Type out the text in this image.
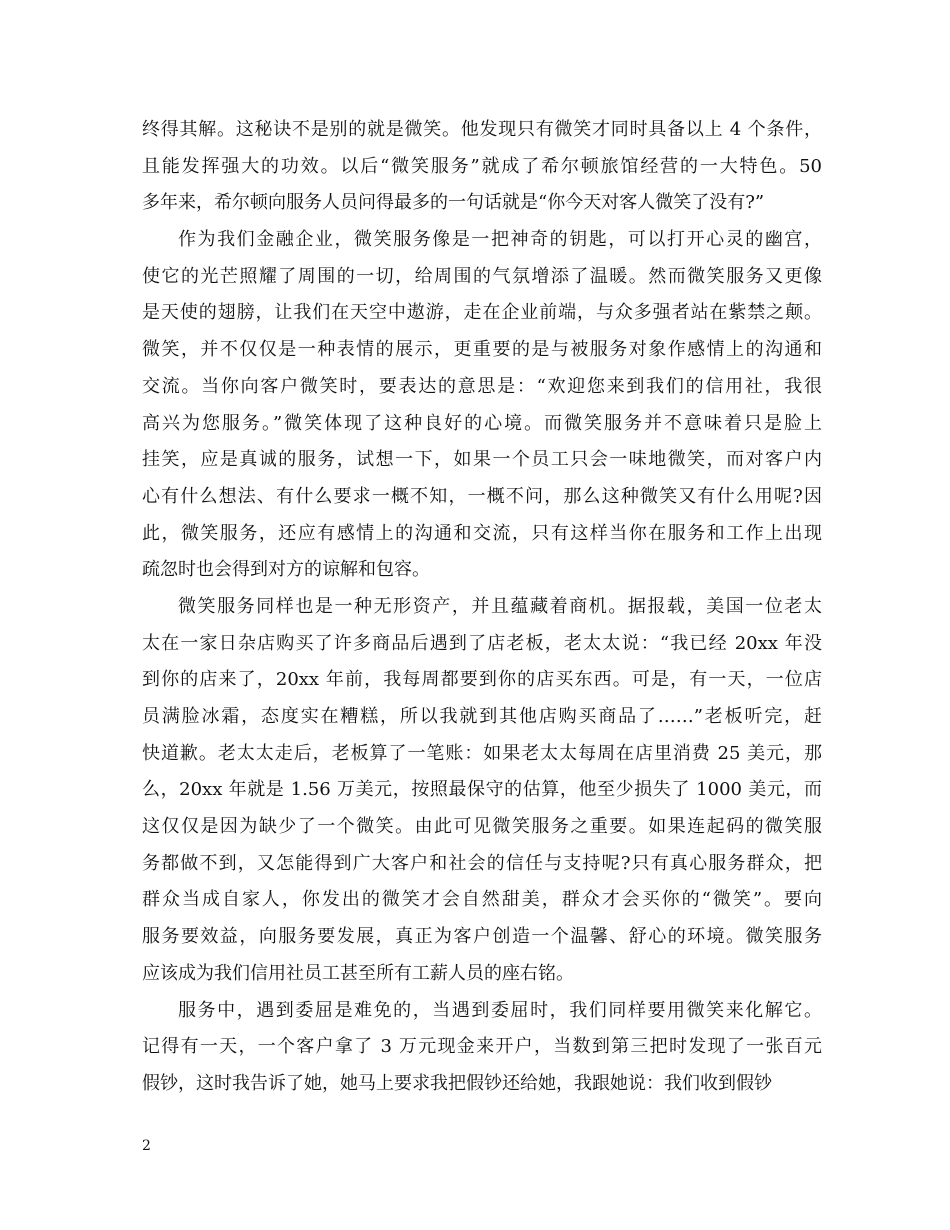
终得其解。这秘诀不是别的就是微笑。他发现只有微笑才同时具备以上 4 个条件，
且能发挥强大的功效。以后“微笑服务”就成了希尔顿旅馆经营的一大特色。50
多年来，希尔顿向服务人员问得最多的一句话就是“你今天对客人微笑了没有?”
作为我们金融企业，微笑服务像是一把神奇的钥匙，可以打开心灵的幽宫，
使它的光芒照耀了周围的一切，给周围的气氛增添了温暖。然而微笑服务又更像
是天使的翅膀，让我们在天空中遨游，走在企业前端，与众多强者站在紫禁之颠。
微笑，并不仅仅是一种表情的展示，更重要的是与被服务对象作感情上的沟通和
交流。当你向客户微笑时，要表达的意思是：“欢迎您来到我们的信用社，我很
高兴为您服务。”微笑体现了这种良好的心境。而微笑服务并不意味着只是脸上
挂笑，应是真诚的服务，试想一下，如果一个员工只会一味地微笑，而对客户内
心有什么想法、有什么要求一概不知，一概不问，那么这种微笑又有什么用呢?因
此，微笑服务，还应有感情上的沟通和交流，只有这样当你在服务和工作上出现
疏忽时也会得到对方的谅解和包容。
微笑服务同样也是一种无形资产，并且蕴藏着商机。据报载，美国一位老太
太在一家日杂店购买了许多商品后遇到了店老板，老太太说：“我已经 20xx 年没
到你的店来了，20xx 年前，我每周都要到你的店买东西。可是，有一天，一位店
员满脸冰霜，态度实在糟糕，所以我就到其他店购买商品了……”老板听完，赶
快道歉。老太太走后，老板算了一笔账：如果老太太每周在店里消费 25 美元，那
么，20xx 年就是 1.56 万美元，按照最保守的估算，他至少损失了 1000 美元，而
这仅仅是因为缺少了一个微笑。由此可见微笑服务之重要。如果连起码的微笑服
务都做不到，又怎能得到广大客户和社会的信任与支持呢?只有真心服务群众，把
群众当成自家人，你发出的微笑才会自然甜美，群众才会买你的“微笑”。要向
服务要效益，向服务要发展，真正为客户创造一个温馨、舒心的环境。微笑服务
应该成为我们信用社员工甚至所有工薪人员的座右铭。
服务中，遇到委屈是难免的，当遇到委屈时，我们同样要用微笑来化解它。
记得有一天，一个客户拿了 3 万元现金来开户，当数到第三把时发现了一张百元
假钞，这时我告诉了她，她马上要求我把假钞还给她，我跟她说：我们收到假钞
2
